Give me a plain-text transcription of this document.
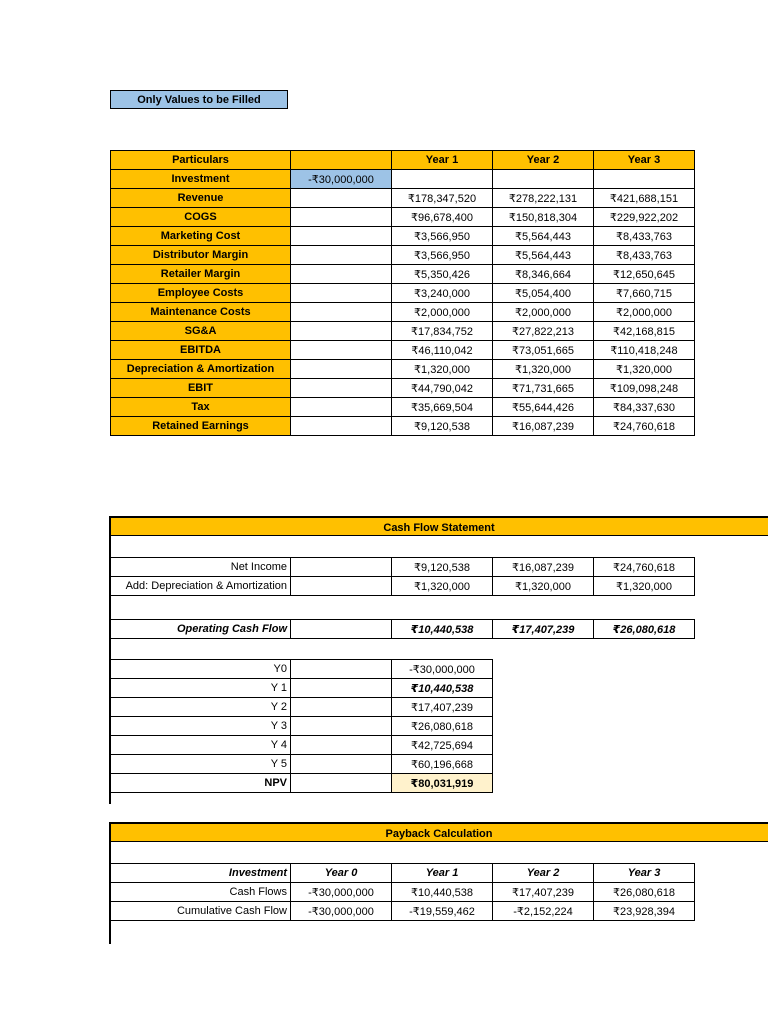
Only Values to be Filled
Particulars		Year 1	Year 2	Year 3
Investment	-₹30,000,000			
Revenue		₹178,347,520	₹278,222,131	₹421,688,151
COGS		₹96,678,400	₹150,818,304	₹229,922,202
Marketing Cost		₹3,566,950	₹5,564,443	₹8,433,763
Distributor Margin		₹3,566,950	₹5,564,443	₹8,433,763
Retailer Margin		₹5,350,426	₹8,346,664	₹12,650,645
Employee Costs		₹3,240,000	₹5,054,400	₹7,660,715
Maintenance Costs		₹2,000,000	₹2,000,000	₹2,000,000
SG&A		₹17,834,752	₹27,822,213	₹42,168,815
EBITDA		₹46,110,042	₹73,051,665	₹110,418,248
Depreciation & Amortization		₹1,320,000	₹1,320,000	₹1,320,000
EBIT		₹44,790,042	₹71,731,665	₹109,098,248
Tax		₹35,669,504	₹55,644,426	₹84,337,630
Retained Earnings		₹9,120,538	₹16,087,239	₹24,760,618
Cash Flow Statement
Net Income		₹9,120,538	₹16,087,239	₹24,760,618
Add: Depreciation & Amortization		₹1,320,000	₹1,320,000	₹1,320,000
Operating Cash Flow		₹10,440,538	₹17,407,239	₹26,080,618
Y0		-₹30,000,000
Y 1		₹10,440,538
Y 2		₹17,407,239
Y 3		₹26,080,618
Y 4		₹42,725,694
Y 5		₹60,196,668
NPV		₹80,031,919
Payback Calculation
Investment	Year 0	Year 1	Year 2	Year 3
Cash Flows	-₹30,000,000	₹10,440,538	₹17,407,239	₹26,080,618
Cumulative Cash Flow	-₹30,000,000	-₹19,559,462	-₹2,152,224	₹23,928,394
